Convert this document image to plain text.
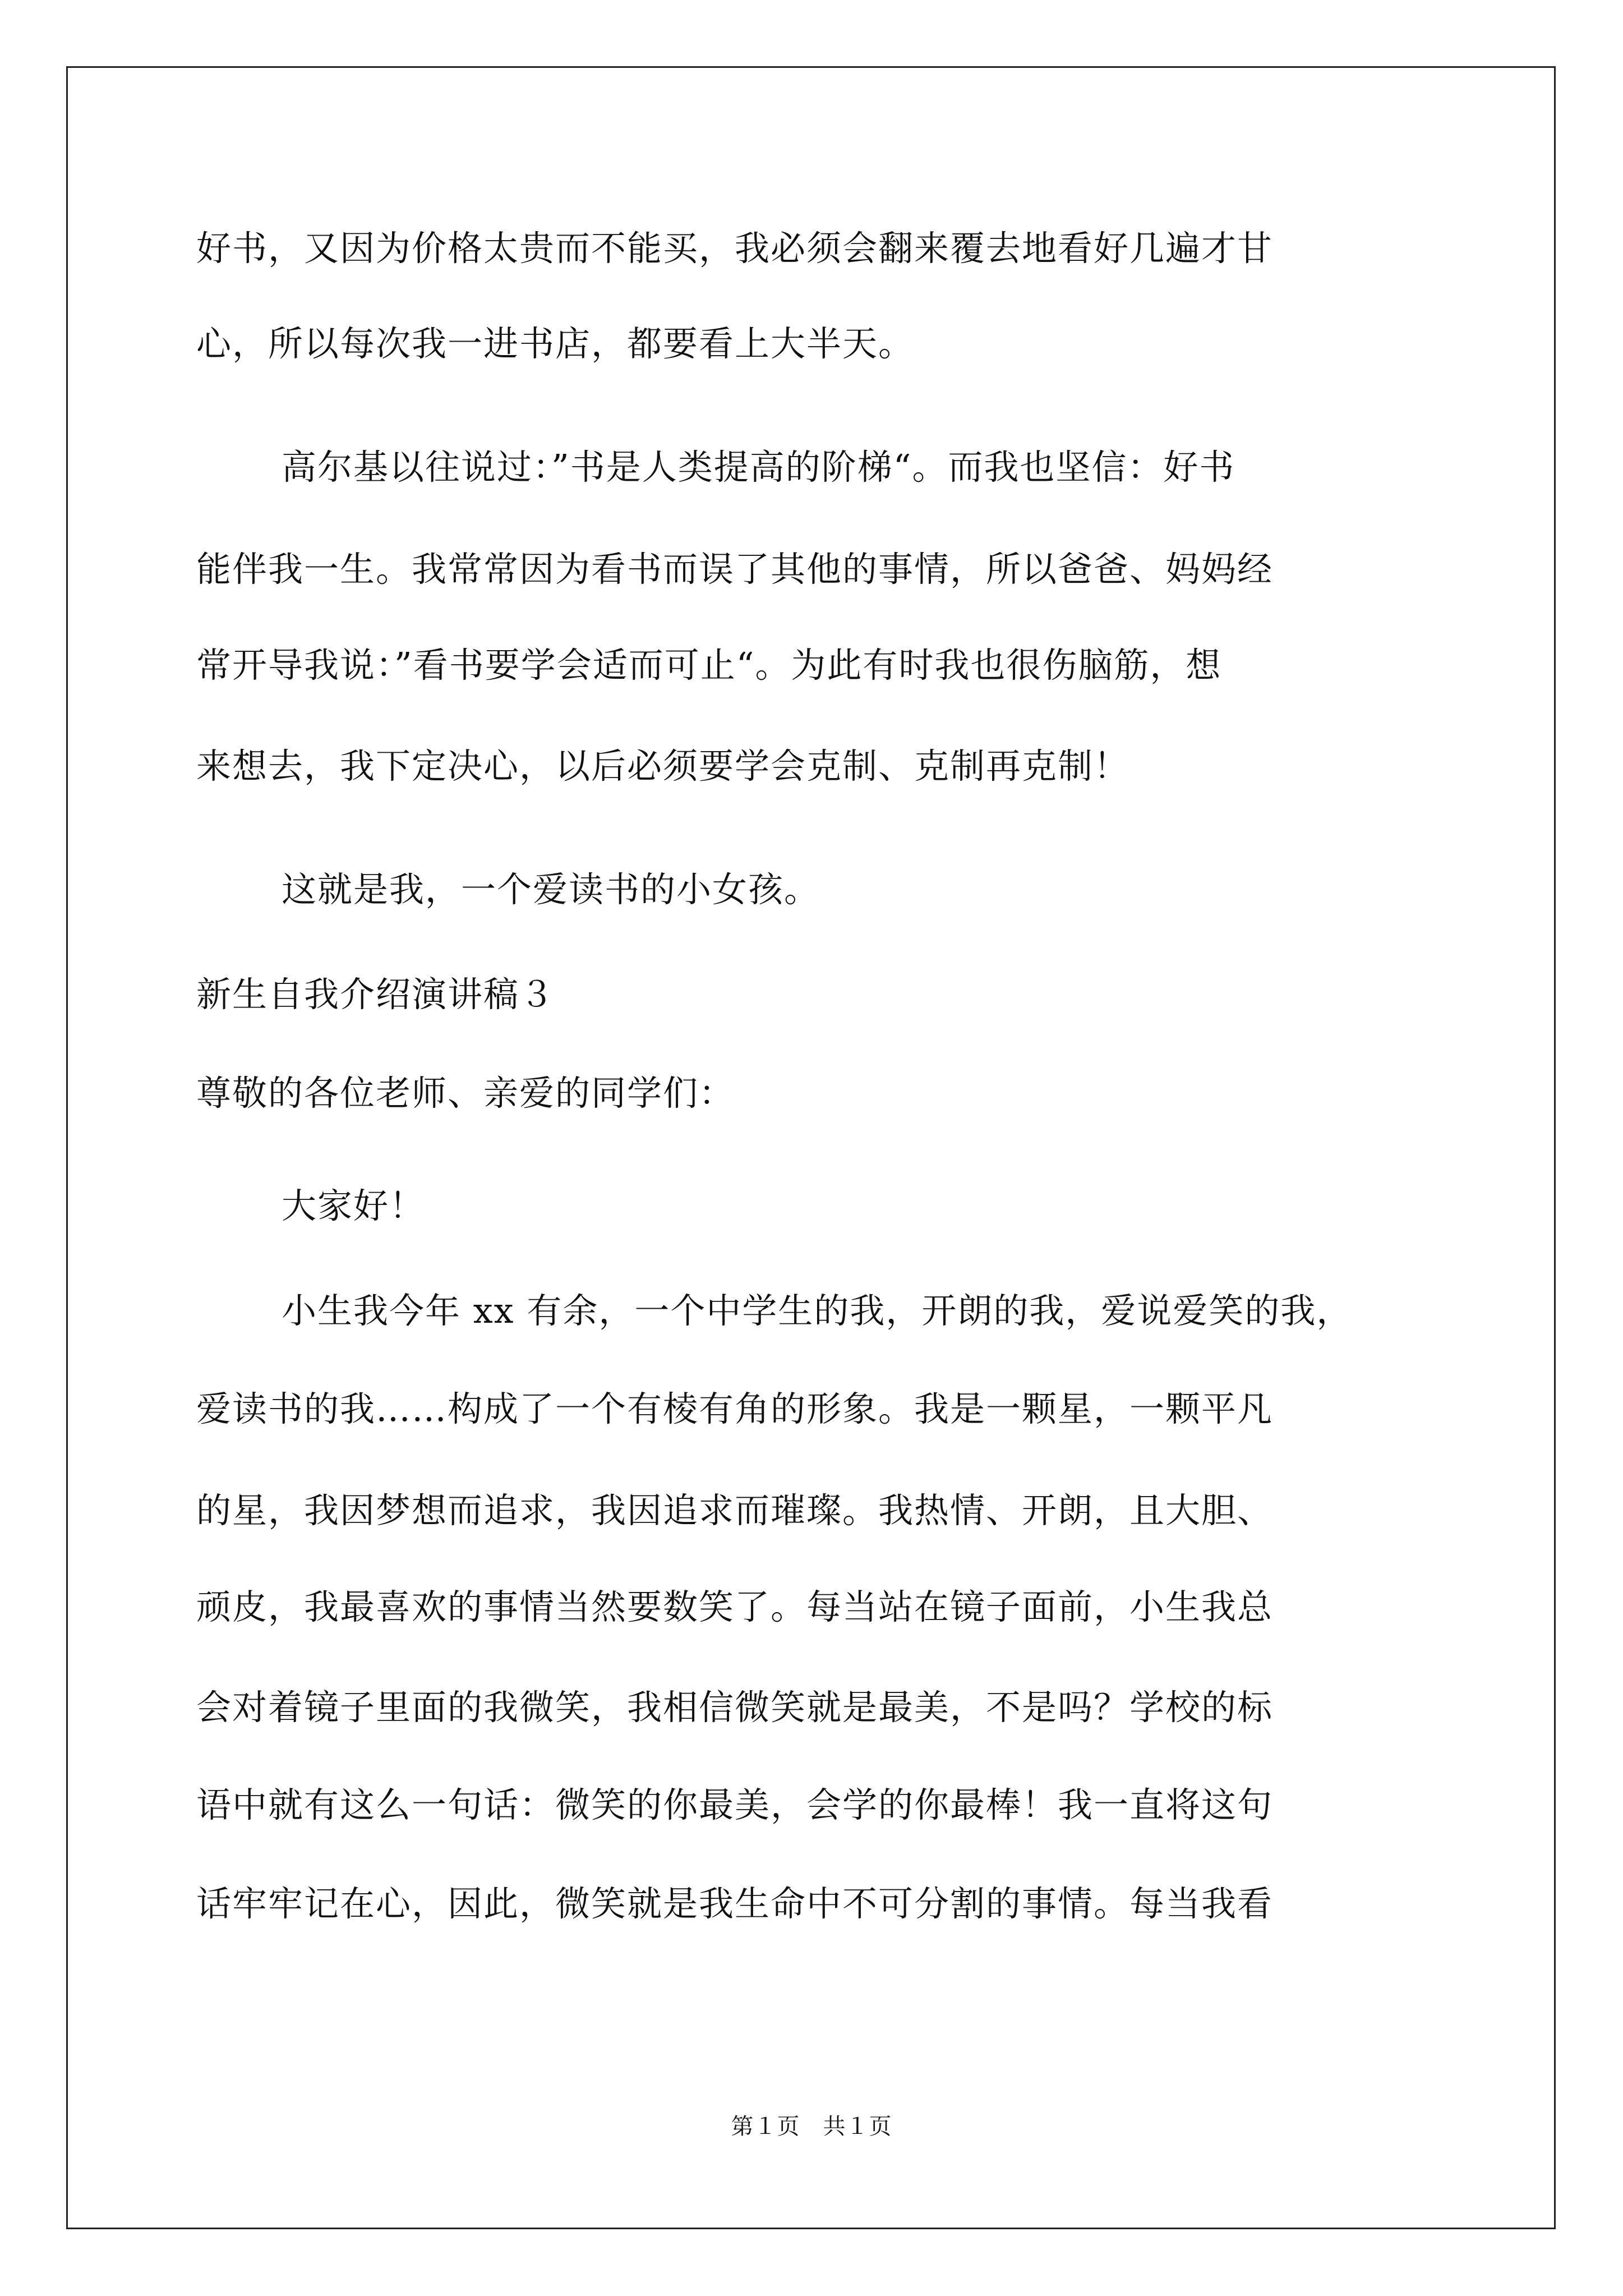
好书，又因为价格太贵而不能买，我必须会翻来覆去地看好几遍才甘
心，所以每次我一进书店，都要看上大半天。
高尔基以往说过：”书是人类提高的阶梯“。而我也坚信：好书
能伴我一生。我常常因为看书而误了其他的事情，所以爸爸、妈妈经
常开导我说：”看书要学会适而可止“。为此有时我也很伤脑筋，想
来想去，我下定决心，以后必须要学会克制、克制再克制！
这就是我，一个爱读书的小女孩。
新生自我介绍演讲稿３
尊敬的各位老师、亲爱的同学们：
大家好！
小生我今年 xx 有余，一个中学生的我，开朗的我，爱说爱笑的我，
爱读书的我……构成了一个有棱有角的形象。我是一颗星，一颗平凡
的星，我因梦想而追求，我因追求而璀璨。我热情、开朗，且大胆、
顽皮，我最喜欢的事情当然要数笑了。每当站在镜子面前，小生我总
会对着镜子里面的我微笑，我相信微笑就是最美，不是吗？学校的标
语中就有这么一句话：微笑的你最美，会学的你最棒！我一直将这句
话牢牢记在心，因此，微笑就是我生命中不可分割的事情。每当我看
第１页　共１页
